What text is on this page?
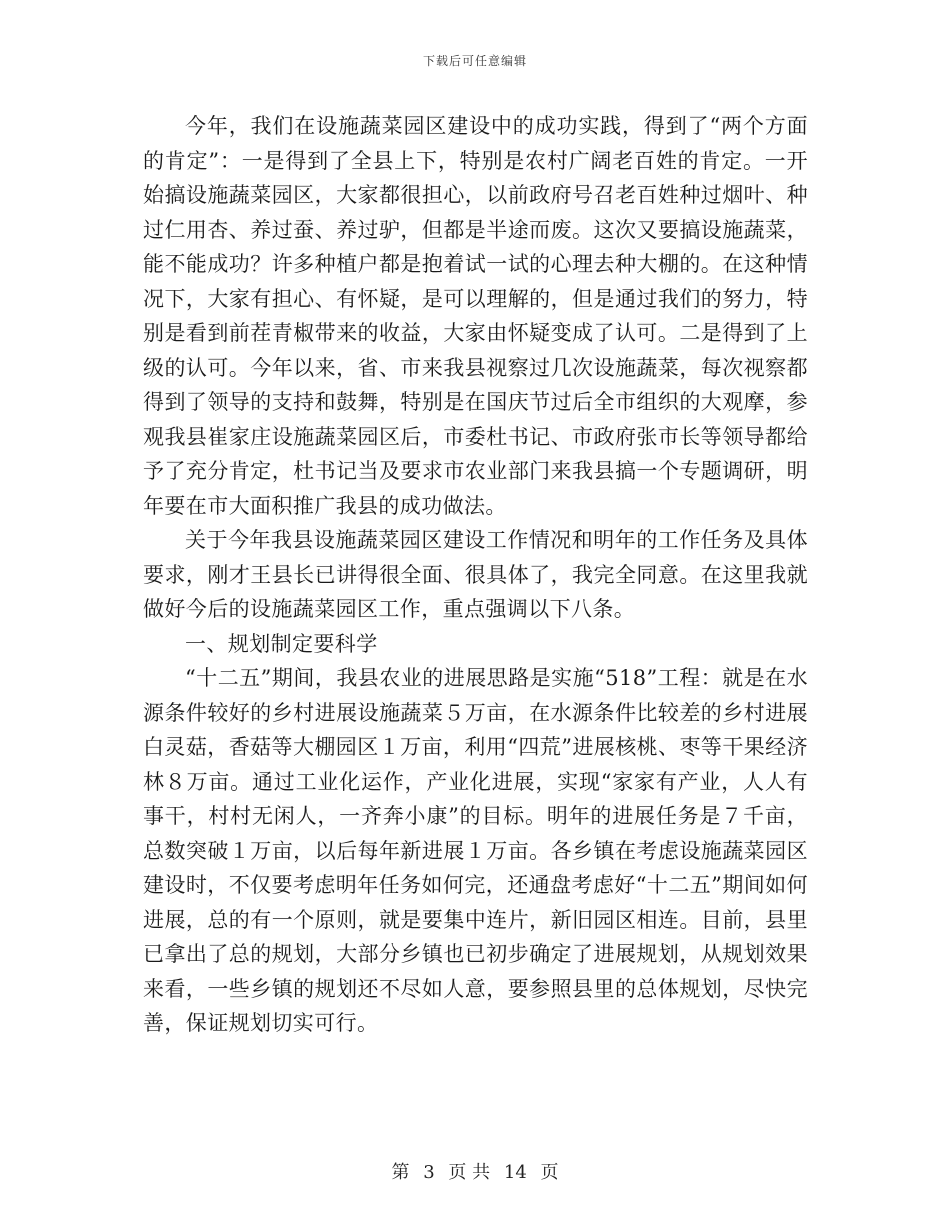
下载后可任意编辑

今年，我们在设施蔬菜园区建设中的成功实践，得到了“两个方面的肯定”：一是得到了全县上下，特别是农村广阔老百姓的肯定。一开始搞设施蔬菜园区，大家都很担心，以前政府号召老百姓种过烟叶、种过仁用杏、养过蚕、养过驴，但都是半途而废。这次又要搞设施蔬菜，能不能成功？许多种植户都是抱着试一试的心理去种大棚的。在这种情况下，大家有担心、有怀疑，是可以理解的，但是通过我们的努力，特别是看到前茬青椒带来的收益，大家由怀疑变成了认可。二是得到了上级的认可。今年以来，省、市来我县视察过几次设施蔬菜，每次视察都得到了领导的支持和鼓舞，特别是在国庆节过后全市组织的大观摩，参观我县崔家庄设施蔬菜园区后，市委杜书记、市政府张市长等领导都给予了充分肯定，杜书记当及要求市农业部门来我县搞一个专题调研，明年要在市大面积推广我县的成功做法。

关于今年我县设施蔬菜园区建设工作情况和明年的工作任务及具体要求，刚才王县长已讲得很全面、很具体了，我完全同意。在这里我就做好今后的设施蔬菜园区工作，重点强调以下八条。

一、规划制定要科学

“十二五”期间，我县农业的进展思路是实施“518”工程：就是在水源条件较好的乡村进展设施蔬菜５万亩，在水源条件比较差的乡村进展白灵菇，香菇等大棚园区１万亩，利用“四荒”进展核桃、枣等干果经济林８万亩。通过工业化运作，产业化进展，实现“家家有产业，人人有事干，村村无闲人，一齐奔小康”的目标。明年的进展任务是７千亩，总数突破１万亩，以后每年新进展１万亩。各乡镇在考虑设施蔬菜园区建设时，不仅要考虑明年任务如何完，还通盘考虑好“十二五”期间如何进展，总的有一个原则，就是要集中连片，新旧园区相连。目前，县里已拿出了总的规划，大部分乡镇也已初步确定了进展规划，从规划效果来看，一些乡镇的规划还不尽如人意，要参照县里的总体规划，尽快完善，保证规划切实可行。

第 3 页 共 14 页
